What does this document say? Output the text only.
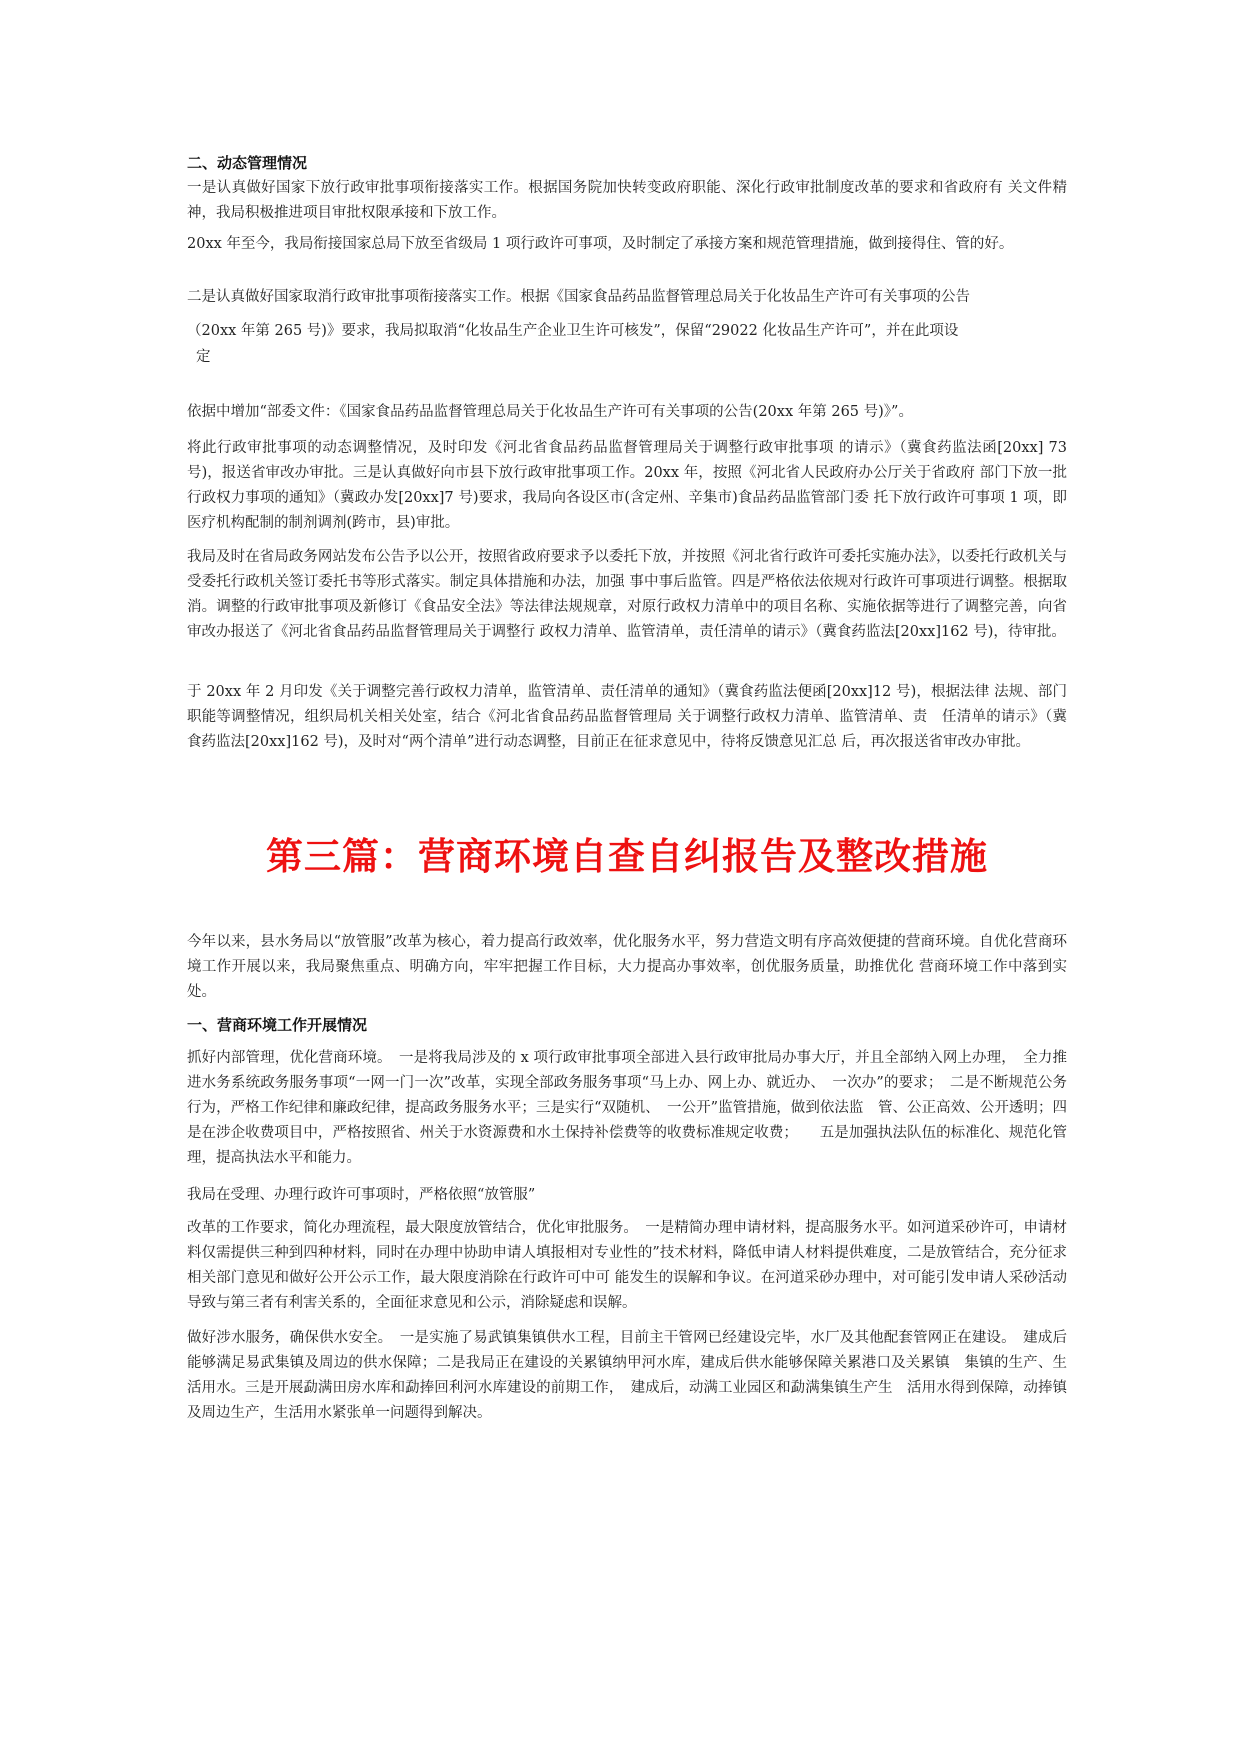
二、动态管理情况
一是认真做好国家下放行政审批事项衔接落实工作。根据国务院加快转变政府职能、深化行政审批制度改革的要求和省政府有 关文件精神，我局积极推进项目审批权限承接和下放工作。
20xx 年至今，我局衔接国家总局下放至省级局 1 项行政许可事项，及时制定了承接方案和规范管理措施，做到接得住、管的好。
二是认真做好国家取消行政审批事项衔接落实工作。根据《国家食品药品监督管理总局关于化妆品生产许可有关事项的公告
（20xx 年第 265 号)》要求，我局拟取消“化妆品生产企业卫生许可核发”，保留“29022 化妆品生产许可”，并在此项设
定
依据中增加“部委文件：《国家食品药品监督管理总局关于化妆品生产许可有关事项的公告(20xx 年第 265 号)》”。
将此行政审批事项的动态调整情况，及时印发《河北省食品药品监督管理局关于调整行政审批事项 的请示》（冀食药监法函[20xx] 73 号)，报送省审改办审批。三是认真做好向市县下放行政审批事项工作。20xx 年，按照《河北省人民政府办公厅关于省政府 部门下放一批行政权力事项的通知》（冀政办发[20xx]7 号)要求，我局向各设区市(含定州、辛集市)食品药品监管部门委 托下放行政许可事项 1 项，即医疗机构配制的制剂调剂(跨市，县)审批。
我局及时在省局政务网站发布公告予以公开，按照省政府要求予以委托下放，并按照《河北省行政许可委托实施办法》，以委托行政机关与受委托行政机关签订委托书等形式落实。制定具体措施和办法，加强 事中事后监管。四是严格依法依规对行政许可事项进行调整。根据取消。调整的行政审批事项及新修订《食品安全法》等法律法规规章，对原行政权力清单中的项目名称、实施依据等进行了调整完善，向省审改办报送了《河北省食品药品监督管理局关于调整行 政权力清单、监管清单，责任清单的请示》（冀食药监法[20xx]162 号)，待审批。
于 20xx 年 2 月印发《关于调整完善行政权力清单，监管清单、责任清单的通知》（冀食药监法便函[20xx]12 号)，根据法律 法规、部门职能等调整情况，组织局机关相关处室，结合《河北省食品药品监督管理局 关于调整行政权力清单、监管清单、责　任清单的请示》（冀食药监法[20xx]162 号)，及时对“两个清单”进行动态调整，目前正在征求意见中，待将反馈意见汇总 后，再次报送省审改办审批。
第三篇：营商环境自查自纠报告及整改措施
今年以来，县水务局以“放管服”改革为核心，着力提高行政效率，优化服务水平，努力营造文明有序高效便捷的营商环境。自优化营商环境工作开展以来，我局聚焦重点、明确方向，牢牢把握工作目标，大力提高办事效率，创优服务质量，助推优化 营商环境工作中落到实处。
一、营商环境工作开展情况
抓好内部管理，优化营商环境。　一是将我局涉及的 x 项行政审批事项全部进入县行政审批局办事大厅，并且全部纳入网上办理，　全力推进水务系统政务服务事项“一网一门一次”改革，实现全部政务服务事项“马上办、网上办、就近办、　一次办”的要求；　二是不断规范公务行为，严格工作纪律和廉政纪律，提高政务服务水平；三是实行“双随机、　一公开”监管措施，做到依法监　管、公正高效、公开透明；四是在涉企收费项目中，严格按照省、州关于水资源费和水土保持补偿费等的收费标准规定收费；　　五是加强执法队伍的标准化、规范化管理，提高执法水平和能力。
我局在受理、办理行政许可事项时，严格依照“放管服”
改革的工作要求，简化办理流程，最大限度放管结合，优化审批服务。　一是精简办理申请材料，提高服务水平。如河道采砂许可，申请材料仅需提供三种到四种材料，同时在办理中协助申请人填报相对专业性的”技术材料，降低申请人材料提供难度，二是放管结合，充分征求相关部门意见和做好公开公示工作，最大限度消除在行政许可中可 能发生的误解和争议。在河道采砂办理中，对可能引发申请人采砂活动导致与第三者有利害关系的，全面征求意见和公示，消除疑虑和误解。
做好涉水服务，确保供水安全。　一是实施了易武镇集镇供水工程，目前主干管网已经建设完毕，水厂及其他配套管网正在建设。　建成后能够满足易武集镇及周边的供水保障；二是我局正在建设的关累镇纳甲河水库，建成后供水能够保障关累港口及关累镇　集镇的生产、生活用水。三是开展勐满田房水库和勐捧回利河水库建设的前期工作，　建成后，动满工业园区和勐满集镇生产生　活用水得到保障，动捧镇及周边生产，生活用水紧张单一问题得到解决。
